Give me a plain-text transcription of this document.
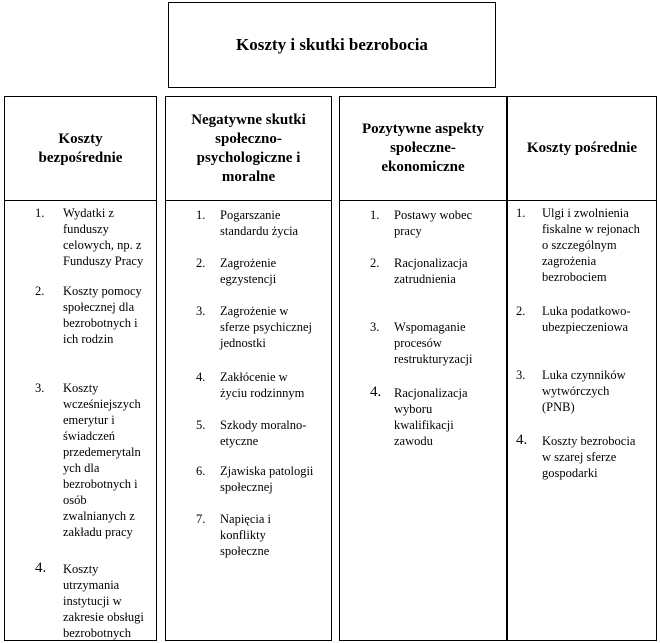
Koszty i skutki bezrobocia
Koszty
bezpośrednie
1. Wydatki z
funduszy
celowych, np. z
Funduszy Pracy
2. Koszty pomocy
społecznej dla
bezrobotnych i
ich rodzin
3. Koszty
wcześniejszych
emerytur i
świadczeń
przedemerytaln
ych dla
bezrobotnych i
osób
zwalnianych z
zakładu pracy
4. Koszty
utrzymania
instytucji w
zakresie obsługi
bezrobotnych
Negatywne skutki
społeczno-
psychologiczne i
moralne
1. Pogarszanie
standardu życia
2. Zagrożenie
egzystencji
3. Zagrożenie w
sferze psychicznej
jednostki
4. Zakłócenie w
życiu rodzinnym
5. Szkody moralno-
etyczne
6. Zjawiska patologii
społecznej
7. Napięcia i
konflikty
społeczne
Pozytywne aspekty
społeczne-
ekonomiczne
1. Postawy wobec
pracy
2. Racjonalizacja
zatrudnienia
3. Wspomaganie
procesów
restrukturyzacji
4. Racjonalizacja
wyboru
kwalifikacji
zawodu
Koszty pośrednie
1. Ulgi i zwolnienia
fiskalne w rejonach
o szczególnym
zagrożenia
bezrobociem
2. Luka podatkowo-
ubezpieczeniowa
3. Luka czynników
wytwórczych
(PNB)
4. Koszty bezrobocia
w szarej sferze
gospodarki
